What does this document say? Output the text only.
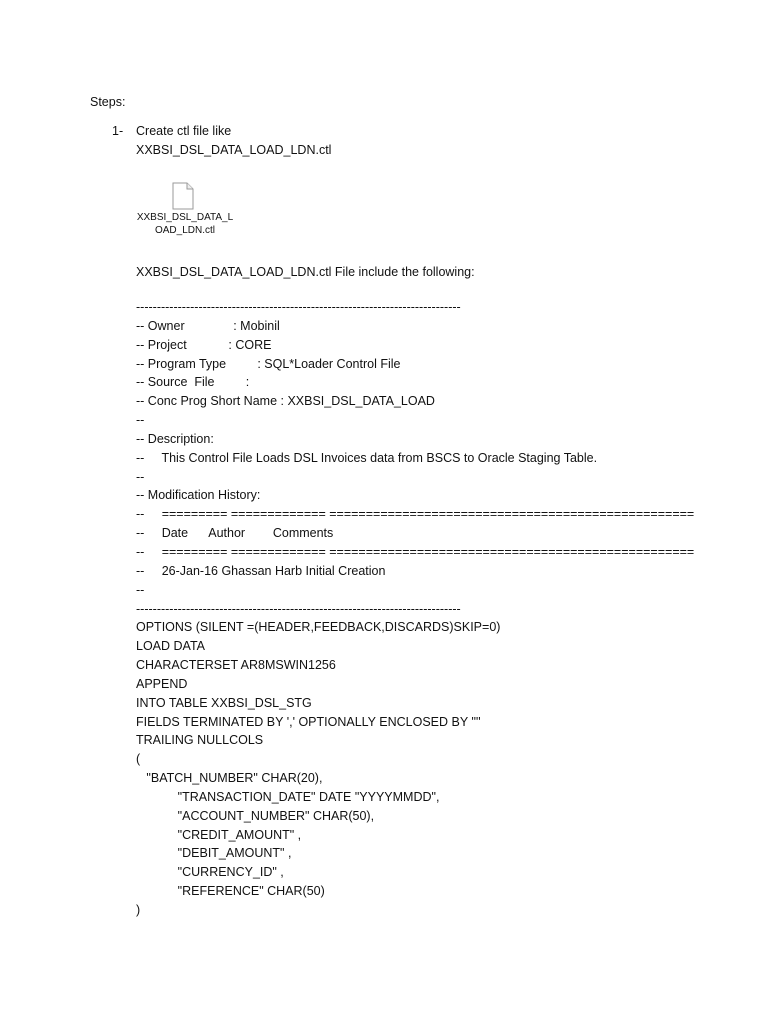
Steps:
1- Create ctl file like
XXBSI_DSL_DATA_LOAD_LDN.ctl
XXBSI_DSL_DATA_L
OAD_LDN.ctl
XXBSI_DSL_DATA_LOAD_LDN.ctl File include the following:
------------------------------------------------------------------------------
-- Owner              : Mobinil
-- Project            : CORE
-- Program Type         : SQL*Loader Control File
-- Source  File         :
-- Conc Prog Short Name : XXBSI_DSL_DATA_LOAD
--
-- Description:
--     This Control File Loads DSL Invoices data from BSCS to Oracle Staging Table.
--
-- Modification History:
--     ========= ============= ==================================================
--     Date      Author        Comments
--     ========= ============= ==================================================
--     26-Jan-16 Ghassan Harb Initial Creation
--
------------------------------------------------------------------------------
OPTIONS (SILENT =(HEADER,FEEDBACK,DISCARDS)SKIP=0)
LOAD DATA
CHARACTERSET AR8MSWIN1256
APPEND
INTO TABLE XXBSI_DSL_STG
FIELDS TERMINATED BY ',' OPTIONALLY ENCLOSED BY '"'
TRAILING NULLCOLS
(
"BATCH_NUMBER" CHAR(20),
"TRANSACTION_DATE" DATE "YYYYMMDD",
"ACCOUNT_NUMBER" CHAR(50),
"CREDIT_AMOUNT" ,
"DEBIT_AMOUNT" ,
"CURRENCY_ID" ,
"REFERENCE" CHAR(50)
)
